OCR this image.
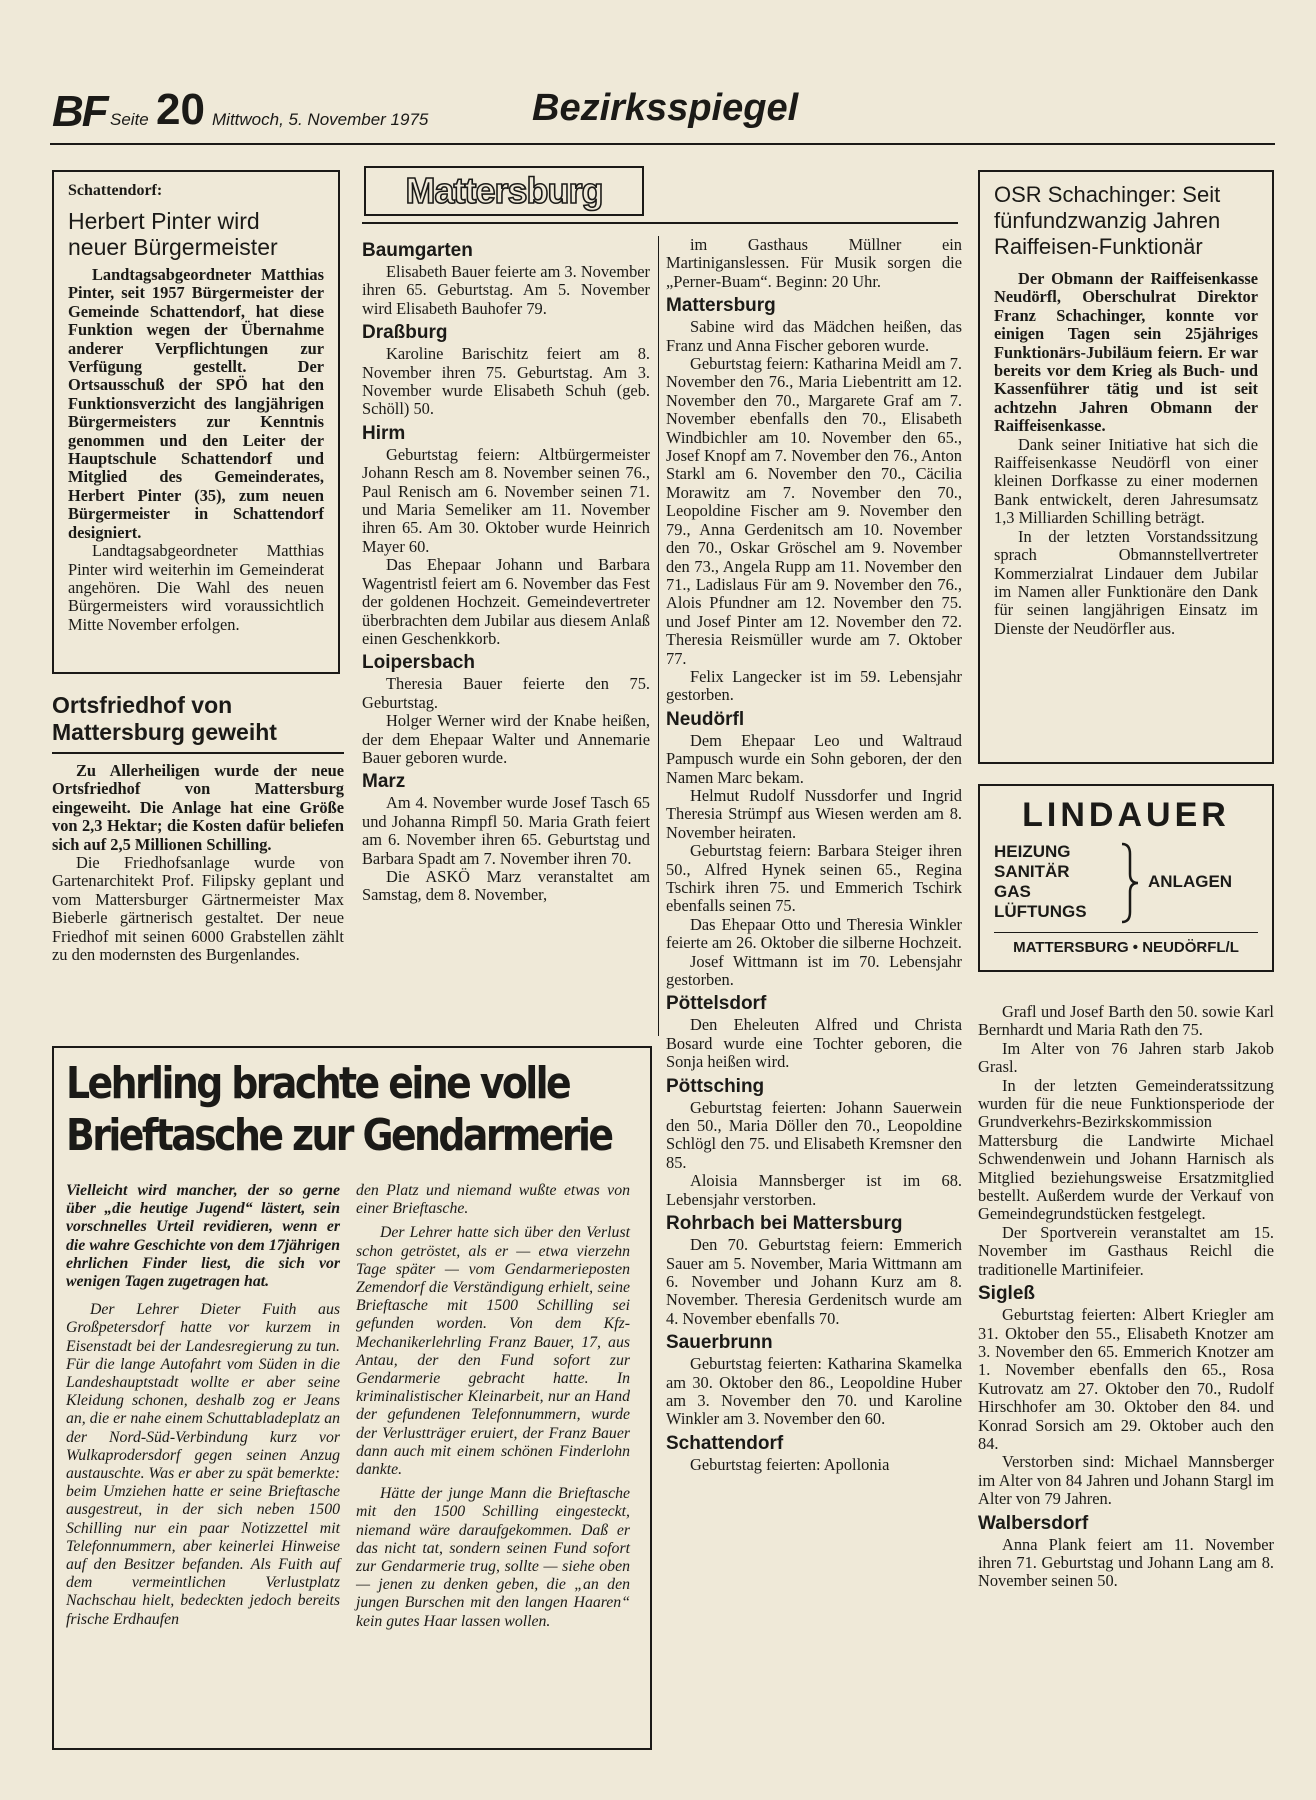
BF Seite 20 Mittwoch, 5. November 1975	Bezirksspiegel
Schattendorf:
Herbert Pinter wird neuer Bürgermeister

Landtagsabgeordneter Matthias Pinter, seit 1957 Bürgermeister der Gemeinde Schattendorf, hat diese Funktion wegen der Übernahme anderer Verpflichtungen zur Verfügung gestellt. Der Ortsausschuß der SPÖ hat den Funktionsverzicht des langjährigen Bürgermeisters zur Kenntnis genommen und den Leiter der Hauptschule Schattendorf und Mitglied des Gemeinderates, Herbert Pinter (35), zum neuen Bürgermeister in Schattendorf designiert.

Landtagsabgeordneter Matthias Pinter wird weiterhin im Gemeinderat angehören. Die Wahl des neuen Bürgermeisters wird voraussichtlich Mitte November erfolgen.

Ortsfriedhof von Mattersburg geweiht

Zu Allerheiligen wurde der neue Ortsfriedhof von Mattersburg eingeweiht. Die Anlage hat eine Größe von 2,3 Hektar; die Kosten dafür beliefen sich auf 2,5 Millionen Schilling.

Die Friedhofsanlage wurde von Gartenarchitekt Prof. Filipsky geplant und vom Mattersburger Gärtnermeister Max Bieberle gärtnerisch gestaltet. Der neue Friedhof mit seinen 6000 Grabstellen zählt zu den modernsten des Burgenlandes.

Mattersburg
Baumgarten

Elisabeth Bauer feierte am 3. November ihren 65. Geburtstag. Am 5. November wird Elisabeth Bauhofer 79.

Draßburg

Karoline Barischitz feiert am 8. November ihren 75. Geburtstag. Am 3. November wurde Elisabeth Schuh (geb. Schöll) 50.

Hirm

Geburtstag feiern: Altbürgermeister Johann Resch am 8. November seinen 76., Paul Renisch am 6. November seinen 71. und Maria Semeliker am 11. November ihren 65. Am 30. Oktober wurde Heinrich Mayer 60.

Das Ehepaar Johann und Barbara Wagentristl feiert am 6. November das Fest der goldenen Hochzeit. Gemeindevertreter überbrachten dem Jubilar aus diesem Anlaß einen Geschenkkorb.

Loipersbach

Theresia Bauer feierte den 75. Geburtstag.

Holger Werner wird der Knabe heißen, der dem Ehepaar Walter und Annemarie Bauer geboren wurde.

Marz

Am 4. November wurde Josef Tasch 65 und Johanna Rimpfl 50. Maria Grath feiert am 6. November ihren 65. Geburtstag und Barbara Spadt am 7. November ihren 70.

Die ASKÖ Marz veranstaltet am Samstag, dem 8. November,

im Gasthaus Müllner ein Martiniganslessen. Für Musik sorgen die „Perner-Buam“. Beginn: 20 Uhr.

Mattersburg

Sabine wird das Mädchen heißen, das Franz und Anna Fischer geboren wurde.

Geburtstag feiern: Katharina Meidl am 7. November den 76., Maria Liebentritt am 12. November den 70., Margarete Graf am 7. November ebenfalls den 70., Elisabeth Windbichler am 10. November den 65., Josef Knopf am 7. November den 76., Anton Starkl am 6. November den 70., Cäcilia Morawitz am 7. November den 70., Leopoldine Fischer am 9. November den 79., Anna Gerdenitsch am 10. November den 70., Oskar Gröschel am 9. November den 73., Angela Rupp am 11. November den 71., Ladislaus Für am 9. November den 76., Alois Pfundner am 12. November den 75. und Josef Pinter am 12. November den 72. Theresia Reismüller wurde am 7. Oktober 77.

Felix Langecker ist im 59. Lebensjahr gestorben.

Neudörfl

Dem Ehepaar Leo und Waltraud Pampusch wurde ein Sohn geboren, der den Namen Marc bekam.

Helmut Rudolf Nussdorfer und Ingrid Theresia Strümpf aus Wiesen werden am 8. November heiraten.

Geburtstag feiern: Barbara Steiger ihren 50., Alfred Hynek seinen 65., Regina Tschirk ihren 75. und Emmerich Tschirk ebenfalls seinen 75.

Das Ehepaar Otto und Theresia Winkler feierte am 26. Oktober die silberne Hochzeit.

Josef Wittmann ist im 70. Lebensjahr gestorben.

Pöttelsdorf

Den Eheleuten Alfred und Christa Bosard wurde eine Tochter geboren, die Sonja heißen wird.

Pöttsching

Geburtstag feierten: Johann Sauerwein den 50., Maria Döller den 70., Leopoldine Schlögl den 75. und Elisabeth Kremsner den 85.

Aloisia Mannsberger ist im 68. Lebensjahr verstorben.

Rohrbach bei Mattersburg

Den 70. Geburtstag feiern: Emmerich Sauer am 5. November, Maria Wittmann am 6. November und Johann Kurz am 8. November. Theresia Gerdenitsch wurde am 4. November ebenfalls 70.

Sauerbrunn

Geburtstag feierten: Katharina Skamelka am 30. Oktober den 86., Leopoldine Huber am 3. November den 70. und Karoline Winkler am 3. November den 60.

Schattendorf

Geburtstag feierten: Apollonia

Grafl und Josef Barth den 50. sowie Karl Bernhardt und Maria Rath den 75.

Im Alter von 76 Jahren starb Jakob Grasl.

In der letzten Gemeinderatssitzung wurden für die neue Funktionsperiode der Grundverkehrs-Bezirkskommission Mattersburg die Landwirte Michael Schwendenwein und Johann Harnisch als Mitglied beziehungsweise Ersatzmitglied bestellt. Außerdem wurde der Verkauf von Gemeindegrundstücken festgelegt.

Der Sportverein veranstaltet am 15. November im Gasthaus Reichl die traditionelle Martinifeier.

Sigleß

Geburtstag feierten: Albert Kriegler am 31. Oktober den 55., Elisabeth Knotzer am 3. November den 65. Emmerich Knotzer am 1. November ebenfalls den 65., Rosa Kutrovatz am 27. Oktober den 70., Rudolf Hirschhofer am 30. Oktober den 84. und Konrad Sorsich am 29. Oktober auch den 84.

Verstorben sind: Michael Mannsberger im Alter von 84 Jahren und Johann Stargl im Alter von 79 Jahren.

Walbersdorf

Anna Plank feiert am 11. November ihren 71. Geburtstag und Johann Lang am 8. November seinen 50.

OSR Schachinger: Seit fünfundzwanzig Jahren Raiffeisen-Funktionär

Der Obmann der Raiffeisenkasse Neudörfl, Oberschulrat Direktor Franz Schachinger, konnte vor einigen Tagen sein 25jähriges Funktionärs-Jubiläum feiern. Er war bereits vor dem Krieg als Buch- und Kassenführer tätig und ist seit achtzehn Jahren Obmann der Raiffeisenkasse.

Dank seiner Initiative hat sich die Raiffeisenkasse Neudörfl von einer kleinen Dorfkasse zu einer modernen Bank entwickelt, deren Jahresumsatz 1,3 Milliarden Schilling beträgt.

In der letzten Vorstandssitzung sprach Obmannstellvertreter Kommerzialrat Lindauer dem Jubilar im Namen aller Funktionäre den Dank für seinen langjährigen Einsatz im Dienste der Neudörfler aus.

LINDAUER
HEIZUNG
SANITÄR
GAS
LÜFTUNGS
ANLAGEN
MATTERSBURG • NEUDÖRFL/L
Lehrling brachte eine volle
Brieftasche zur Gendarmerie

Vielleicht wird mancher, der so gerne über „die heutige Jugend“ lästert, sein vorschnelles Urteil revidieren, wenn er die wahre Geschichte von dem 17jährigen ehrlichen Finder liest, die sich vor wenigen Tagen zugetragen hat.

Der Lehrer Dieter Fuith aus Großpetersdorf hatte vor kurzem in Eisenstadt bei der Landesregierung zu tun. Für die lange Autofahrt vom Süden in die Landeshauptstadt wollte er aber seine Kleidung schonen, deshalb zog er Jeans an, die er nahe einem Schuttabladeplatz an der Nord-Süd-Verbindung kurz vor Wulkaprodersdorf gegen seinen Anzug austauschte. Was er aber zu spät bemerkte: beim Umziehen hatte er seine Brieftasche ausgestreut, in der sich neben 1500 Schilling nur ein paar Notizzettel mit Telefonnummern, aber keinerlei Hinweise auf den Besitzer befanden. Als Fuith auf dem vermeintlichen Verlustplatz Nachschau hielt, bedeckten jedoch bereits frische Erdhaufen

den Platz und niemand wußte etwas von einer Brieftasche.

Der Lehrer hatte sich über den Verlust schon getröstet, als er — etwa vierzehn Tage später — vom Gendarmerieposten Zemendorf die Verständigung erhielt, seine Brieftasche mit 1500 Schilling sei gefunden worden. Von dem Kfz-Mechanikerlehrling Franz Bauer, 17, aus Antau, der den Fund sofort zur Gendarmerie gebracht hatte. In kriminalistischer Kleinarbeit, nur an Hand der gefundenen Telefonnummern, wurde der Verlustträger eruiert, der Franz Bauer dann auch mit einem schönen Finderlohn dankte.

Hätte der junge Mann die Brieftasche mit den 1500 Schilling eingesteckt, niemand wäre daraufgekommen. Daß er das nicht tat, sondern seinen Fund sofort zur Gendarmerie trug, sollte — siehe oben — jenen zu denken geben, die „an den jungen Burschen mit den langen Haaren“ kein gutes Haar lassen wollen.
